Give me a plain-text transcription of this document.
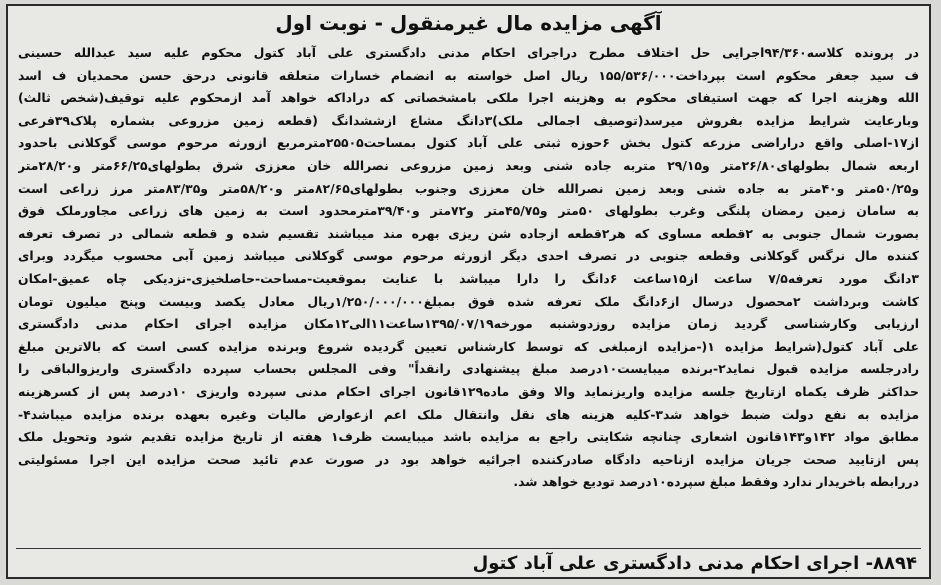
آگهی مزایده مال غیرمنقول - نوبت اول
در پرونده کلاسه۹۴/۳۶۰اجرایی حل اختلاف مطرح دراجرای احکام مدنی دادگستری علی آباد کتول محکوم علیه سید عبدالله حسینی
ف سید جعفر محکوم است بپرداخت۱۵۵/۵۳۶/۰۰۰ ریال اصل خواسته به انضمام خسارات متعلقه قانونی درحق حسن محمدیان ف اسد
الله وهزینه اجرا که جهت استیفای محکوم به وهزینه اجرا ملکی بامشخصاتی که دراداکه خواهد آمد ازمحکوم علیه توقیف(شخص ثالث)
وبارعایت شرایط مزایده بفروش میرسد(توصیف اجمالی ملک)۳دانگ مشاع ازششدانگ (قطعه زمین مزروعی بشماره پلاک۳۹فرعی
از۱۷-اصلی واقع دراراضی مزرعه کتول بخش ۶حوزه ثبتی علی آباد کتول بمساحت۲۵۵۰۵مترمربع ازورثه مرحوم موسی گوکلانی باحدود
اربعه شمال بطولهای۲۶/۸۰متر و۲۹/۱۵ متربه جاده شنی وبعد زمین مزروعی نصرالله خان معززی شرق بطولهای۶۶/۲۵متر و۲۸/۲۰متر
و۵۰/۲۵متر و۴۰متر به جاده شنی وبعد زمین نصرالله خان معززی وجنوب بطولهای۸۲/۶۵متر و۵۸/۲۰متر و۸۳/۳۵متر مرز زراعی است
به سامان زمین رمضان پلنگی وغرب بطولهای ۵۰متر و۴۵/۷۵متر و۷۲متر و۳۹/۴۰مترمحدود است به زمین های زراعی مجاورملک فوق
بصورت شمال جنوبی به ۲قطعه مساوی که هر۲قطعه ازجاده شن ریزی بهره مند میباشند تقسیم شده و قطعه شمالی در تصرف تعرفه
کننده مال نرگس گوکلانی وقطعه جنوبی در تصرف احدی دیگر ازورثه مرحوم موسی گوکلانی میباشد زمین آبی محسوب میگردد وبرای
۳دانگ مورد تعرفه۷/۵ ساعت از۱۵ساعت ۶دانگ را دارا میباشد با عنایت بموقعیت-مساحت-حاصلخیزی-نزدیکی چاه عمیق-امکان
کاشت وبرداشت ۲محصول درسال از۶دانگ ملک تعرفه شده فوق بمبلغ۱/۲۵۰/۰۰۰/۰۰۰ریال معادل یکصد وبیست وپنج میلیون تومان
ارزیابی وکارشناسی گردید زمان مزایده روزدوشنبه مورخه۱۳۹۵/۰۷/۱۹ساعت۱۱الی۱۲مکان مزایده اجرای احکام مدنی دادگستری
علی آباد کتول(شرایط مزایده ۱(-مزایده ازمبلغی که توسط کارشناس تعیین گردیده شروع وبرنده مزایده کسی است که بالاترین مبلغ
رادرجلسه مزایده قبول نماید۲-برنده میبایست۱۰درصد مبلغ پیشنهادی رانقداً" وفی المجلس بحساب سپرده دادگستری واریزوالباقی را
حداکثر ظرف یکماه ازتاریخ جلسه مزایده واریزنماید والا وفق ماده۱۲۹قانون اجرای احکام مدنی سپرده واریزی ۱۰درصد پس از کسرهزینه
مزایده به نفع دولت ضبط خواهد شد۳-کلیه هزینه های نقل وانتقال ملک اعم ازعوارض مالیات وغیره بعهده برنده مزایده میباشد۴-
مطابق مواد ۱۴۲و۱۴۳قانون اشعاری چنانچه شکایتی راجع به مزایده باشد میبایست ظرف۱ هفته از تاریخ مزایده تقدیم شود وتحویل ملک
پس ازتایید صحت جریان مزایده ازناحیه دادگاه صادرکننده اجرائیه خواهد بود در صورت عدم تائید صحت مزایده این اجرا مسئولیتی
دررابطه باخریدار ندارد وفقط مبلغ سپرده۱۰درصد تودیع خواهد شد.
۸۸۹۴- اجرای احکام مدنی دادگستری علی آباد کتول
